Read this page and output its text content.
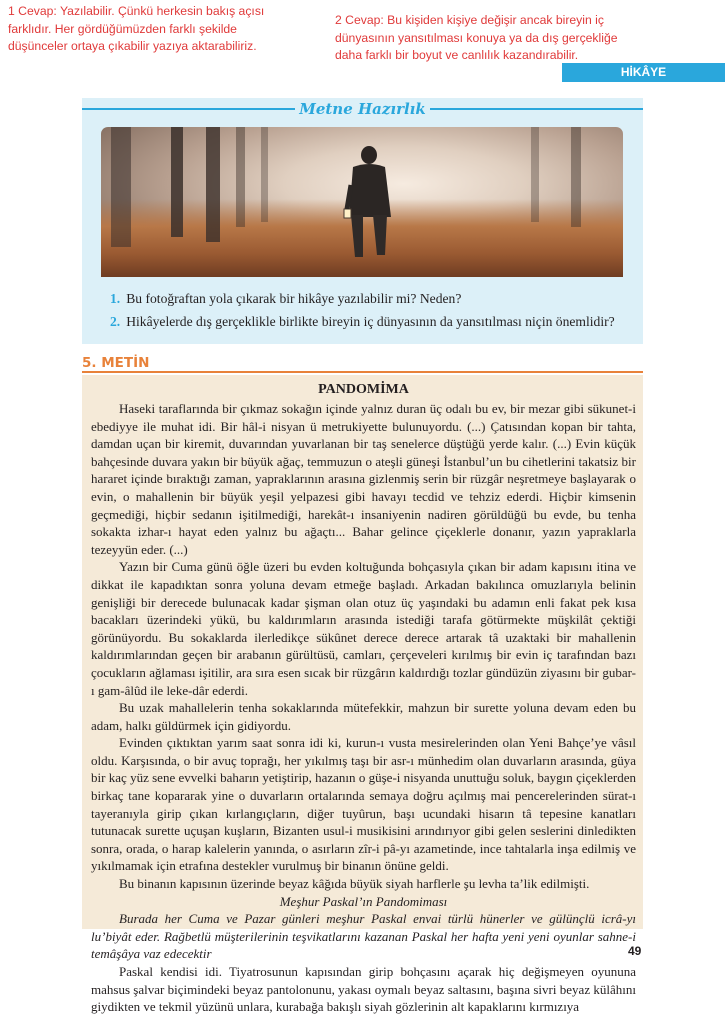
1 Cevap: Yazılabilir. Çünkü herkesin bakış açısı
farklıdır. Her gördüğümüzden farklı şekilde
düşünceler ortaya çıkabilir yazıya aktarabiliriz.
2 Cevap: Bu kişiden kişiye değişir ancak bireyin iç
dünyasının yansıtılması konuya ya da dış gerçekliğe
daha farklı bir boyut ve canlılık kazandırabilir.
HİKÂYE
Metne Hazırlık
1. Bu fotoğraftan yola çıkarak bir hikâye yazılabilir mi? Neden?
2. Hikâyelerde dış gerçeklikle birlikte bireyin iç dünyasının da yansıtılması niçin önemlidir?
5. METİN
PANDOMİMA

Haseki taraflarında bir çıkmaz sokağın içinde yalnız duran üç odalı bu ev, bir mezar gibi sükunet-i ebediyye ile muhat idi. Bir hâl-i nisyan ü metrukiyette bulunuyordu. (...) Çatısından kopan bir tahta, damdan uçan bir kiremit, duvarından yuvarlanan bir taş senelerce düştüğü yerde kalır. (...) Evin küçük bahçesinde duvara yakın bir büyük ağaç, temmuzun o ateşli güneşi İstanbul’un bu cihetlerini takatsiz bir hararet içinde bıraktığı zaman, yapraklarının arasına gizlenmiş serin bir rüzgâr neşretmeye başlayarak o evin, o mahallenin bir büyük yeşil yelpazesi gibi havayı tecdid ve tehziz ederdi. Hiçbir kimsenin geçmediği, hiçbir sedanın işitilmediği, harekât-ı insaniyenin nadiren görüldüğü bu evde, bu tenha sokakta izhar-ı hayat eden yalnız bu ağaçtı... Bahar gelince çiçeklerle donanır, yazın yapraklarla tezeyyün eder. (...)

Yazın bir Cuma günü öğle üzeri bu evden koltuğunda bohçasıyla çıkan bir adam kapısını itina ve dikkat ile kapadıktan sonra yoluna devam etmeğe başladı. Arkadan bakılınca omuzlarıyla belinin genişliği bir derecede bulunacak kadar şişman olan otuz üç yaşındaki bu adamın enli fakat pek kısa bacakları üzerindeki yükü, bu kaldırımların arasında istediği tarafa götürmekte müşkilât çektiği görünüyordu. Bu sokaklarda ilerledikçe sükûnet derece derece artarak tâ uzaktaki bir mahallenin kaldırımlarından geçen bir arabanın gürültüsü, camları, çerçeveleri kırılmış bir evin iç tarafından bazı çocukların ağlaması işitilir, ara sıra esen sıcak bir rüzgârın kaldırdığı tozlar gündüzün ziyasını bir gubar-ı gam-âlûd ile leke-dâr ederdi.

Bu uzak mahallelerin tenha sokaklarında mütefekkir, mahzun bir surette yoluna devam eden bu adam, halkı güldürmek için gidiyordu.

Evinden çıktıktan yarım saat sonra idi ki, kurun-ı vusta mesirelerinden olan Yeni Bahçe’ye vâsıl oldu. Karşısında, o bir avuç toprağı, her yıkılmış taşı bir asr-ı münhedim olan duvarların arasında, güya bir kaç yüz sene evvelki baharın yetiştirip, hazanın o güşe-i nisyanda unuttuğu soluk, baygın çiçeklerden birkaç tane kopararak yine o duvarların ortalarında semaya doğru açılmış mai pencerelerinden sürat-ı tayeranıyla girip çıkan kırlangıçların, diğer tuyûrun, başı ucundaki hisarın tâ tepesine kanatları tutunacak surette uçuşan kuşların, Bizanten usul-i musikisini arındırıyor gibi gelen seslerini dinledikten sonra, orada, o harap kalelerin yanında, o asırların zîr-i pâ-yı azametinde, ince tahtalarla inşa edilmiş ve yıkılmamak için etrafına destekler vurulmuş bir binanın önüne geldi.

Bu binanın kapısının üzerinde beyaz kâğıda büyük siyah harflerle şu levha ta’lik edilmişti.

Meşhur Paskal’ın Pandomiması

Burada her Cuma ve Pazar günleri meşhur Paskal envai türlü hünerler ve gülünçlü icrâ-yı lu’biyât eder. Rağbetlü müşterilerinin teşvikatlarını kazanan Paskal her hafta yeni yeni oyunlar sahne-i temâşâya vaz edecektir

Paskal kendisi idi. Tiyatrosunun kapısından girip bohçasını açarak hiç değişmeyen oyununa mahsus şalvar biçimindeki beyaz pantolonunu, yakası oymalı beyaz saltasını, başına sivri beyaz külâhını giydikten ve tekmil yüzünü unlara, kurabağa bakışlı siyah gözlerinin alt kapaklarını kırmızıya

49
